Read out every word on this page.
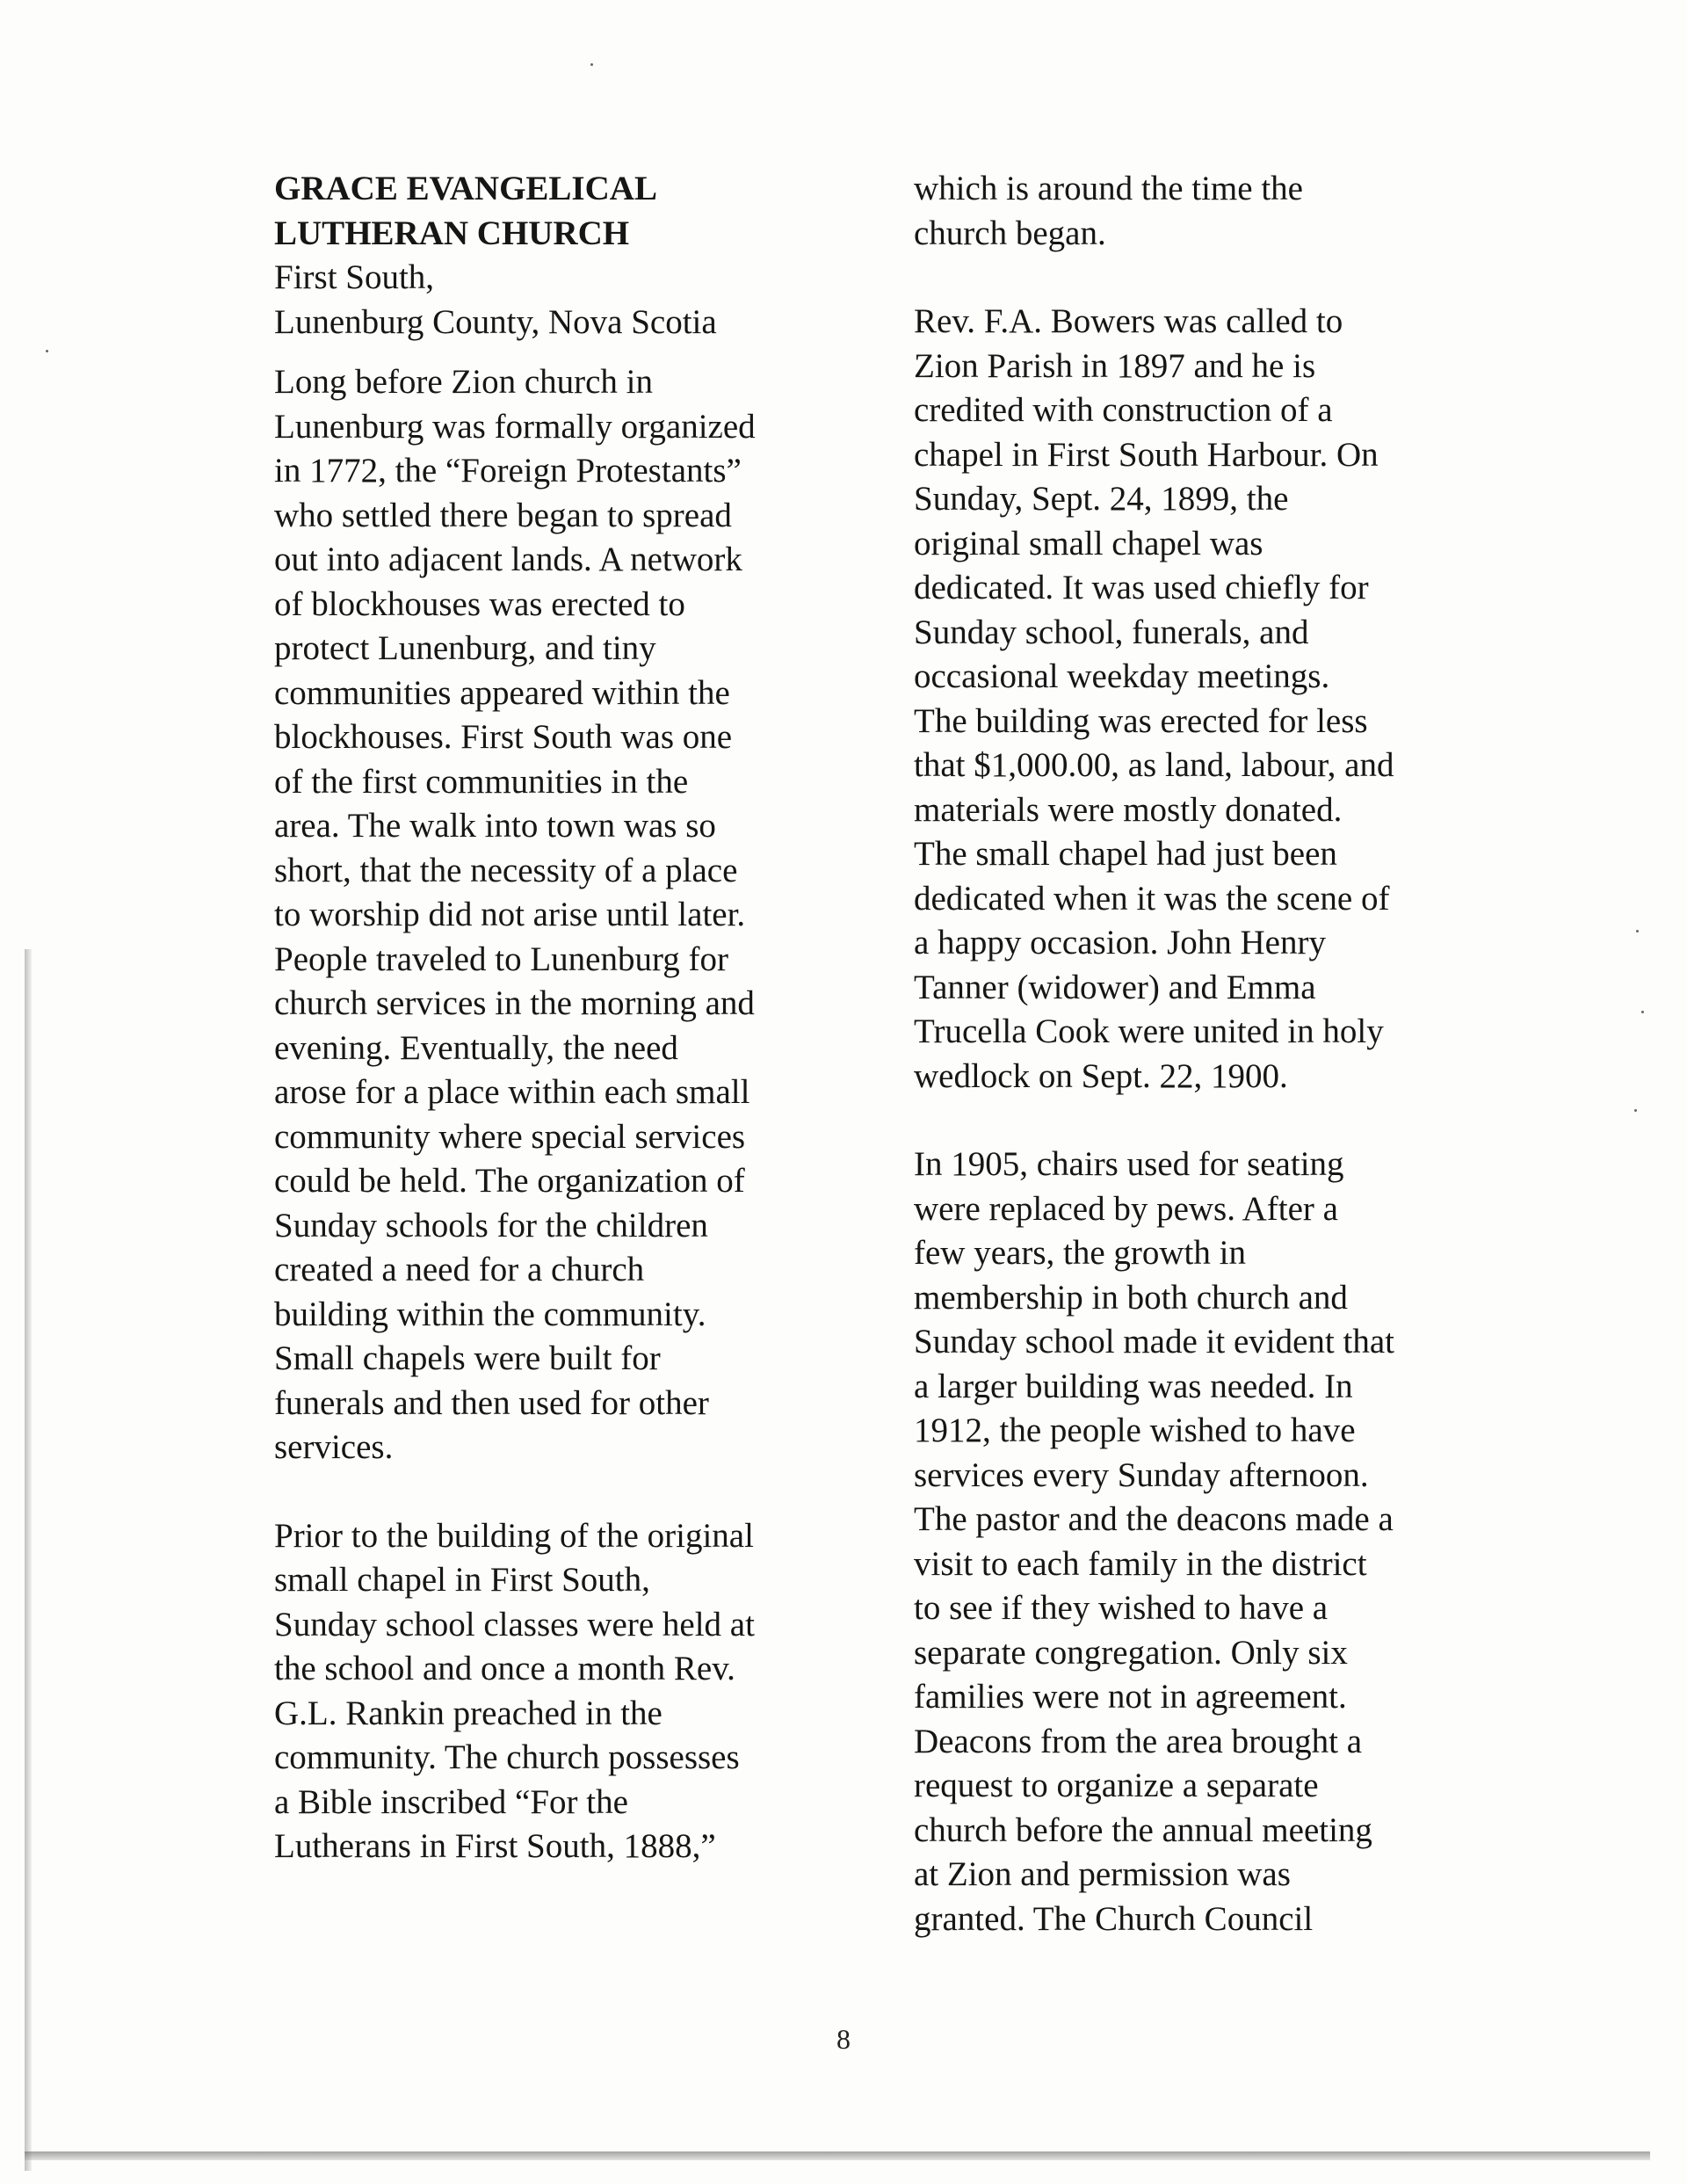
GRACE EVANGELICAL
LUTHERAN CHURCH
First South,
Lunenburg County, Nova Scotia
Long before Zion church in
Lunenburg was formally organized
in 1772, the “Foreign Protestants”
who settled there began to spread
out into adjacent lands. A network
of blockhouses was erected to
protect Lunenburg, and tiny
communities appeared within the
blockhouses. First South was one
of the first communities in the
area. The walk into town was so
short, that the necessity of a place
to worship did not arise until later.
People traveled to Lunenburg for
church services in the morning and
evening. Eventually, the need
arose for a place within each small
community where special services
could be held. The organization of
Sunday schools for the children
created a need for a church
building within the community.
Small chapels were built for
funerals and then used for other
services.
Prior to the building of the original
small chapel in First South,
Sunday school classes were held at
the school and once a month Rev.
G.L. Rankin preached in the
community. The church possesses
a Bible inscribed “For the
Lutherans in First South, 1888,”
which is around the time the
church began.
Rev. F.A. Bowers was called to
Zion Parish in 1897 and he is
credited with construction of a
chapel in First South Harbour. On
Sunday, Sept. 24, 1899, the
original small chapel was
dedicated. It was used chiefly for
Sunday school, funerals, and
occasional weekday meetings.
The building was erected for less
that $1,000.00, as land, labour, and
materials were mostly donated.
The small chapel had just been
dedicated when it was the scene of
a happy occasion. John Henry
Tanner (widower) and Emma
Trucella Cook were united in holy
wedlock on Sept. 22, 1900.
In 1905, chairs used for seating
were replaced by pews. After a
few years, the growth in
membership in both church and
Sunday school made it evident that
a larger building was needed. In
1912, the people wished to have
services every Sunday afternoon.
The pastor and the deacons made a
visit to each family in the district
to see if they wished to have a
separate congregation. Only six
families were not in agreement.
Deacons from the area brought a
request to organize a separate
church before the annual meeting
at Zion and permission was
granted. The Church Council
8
